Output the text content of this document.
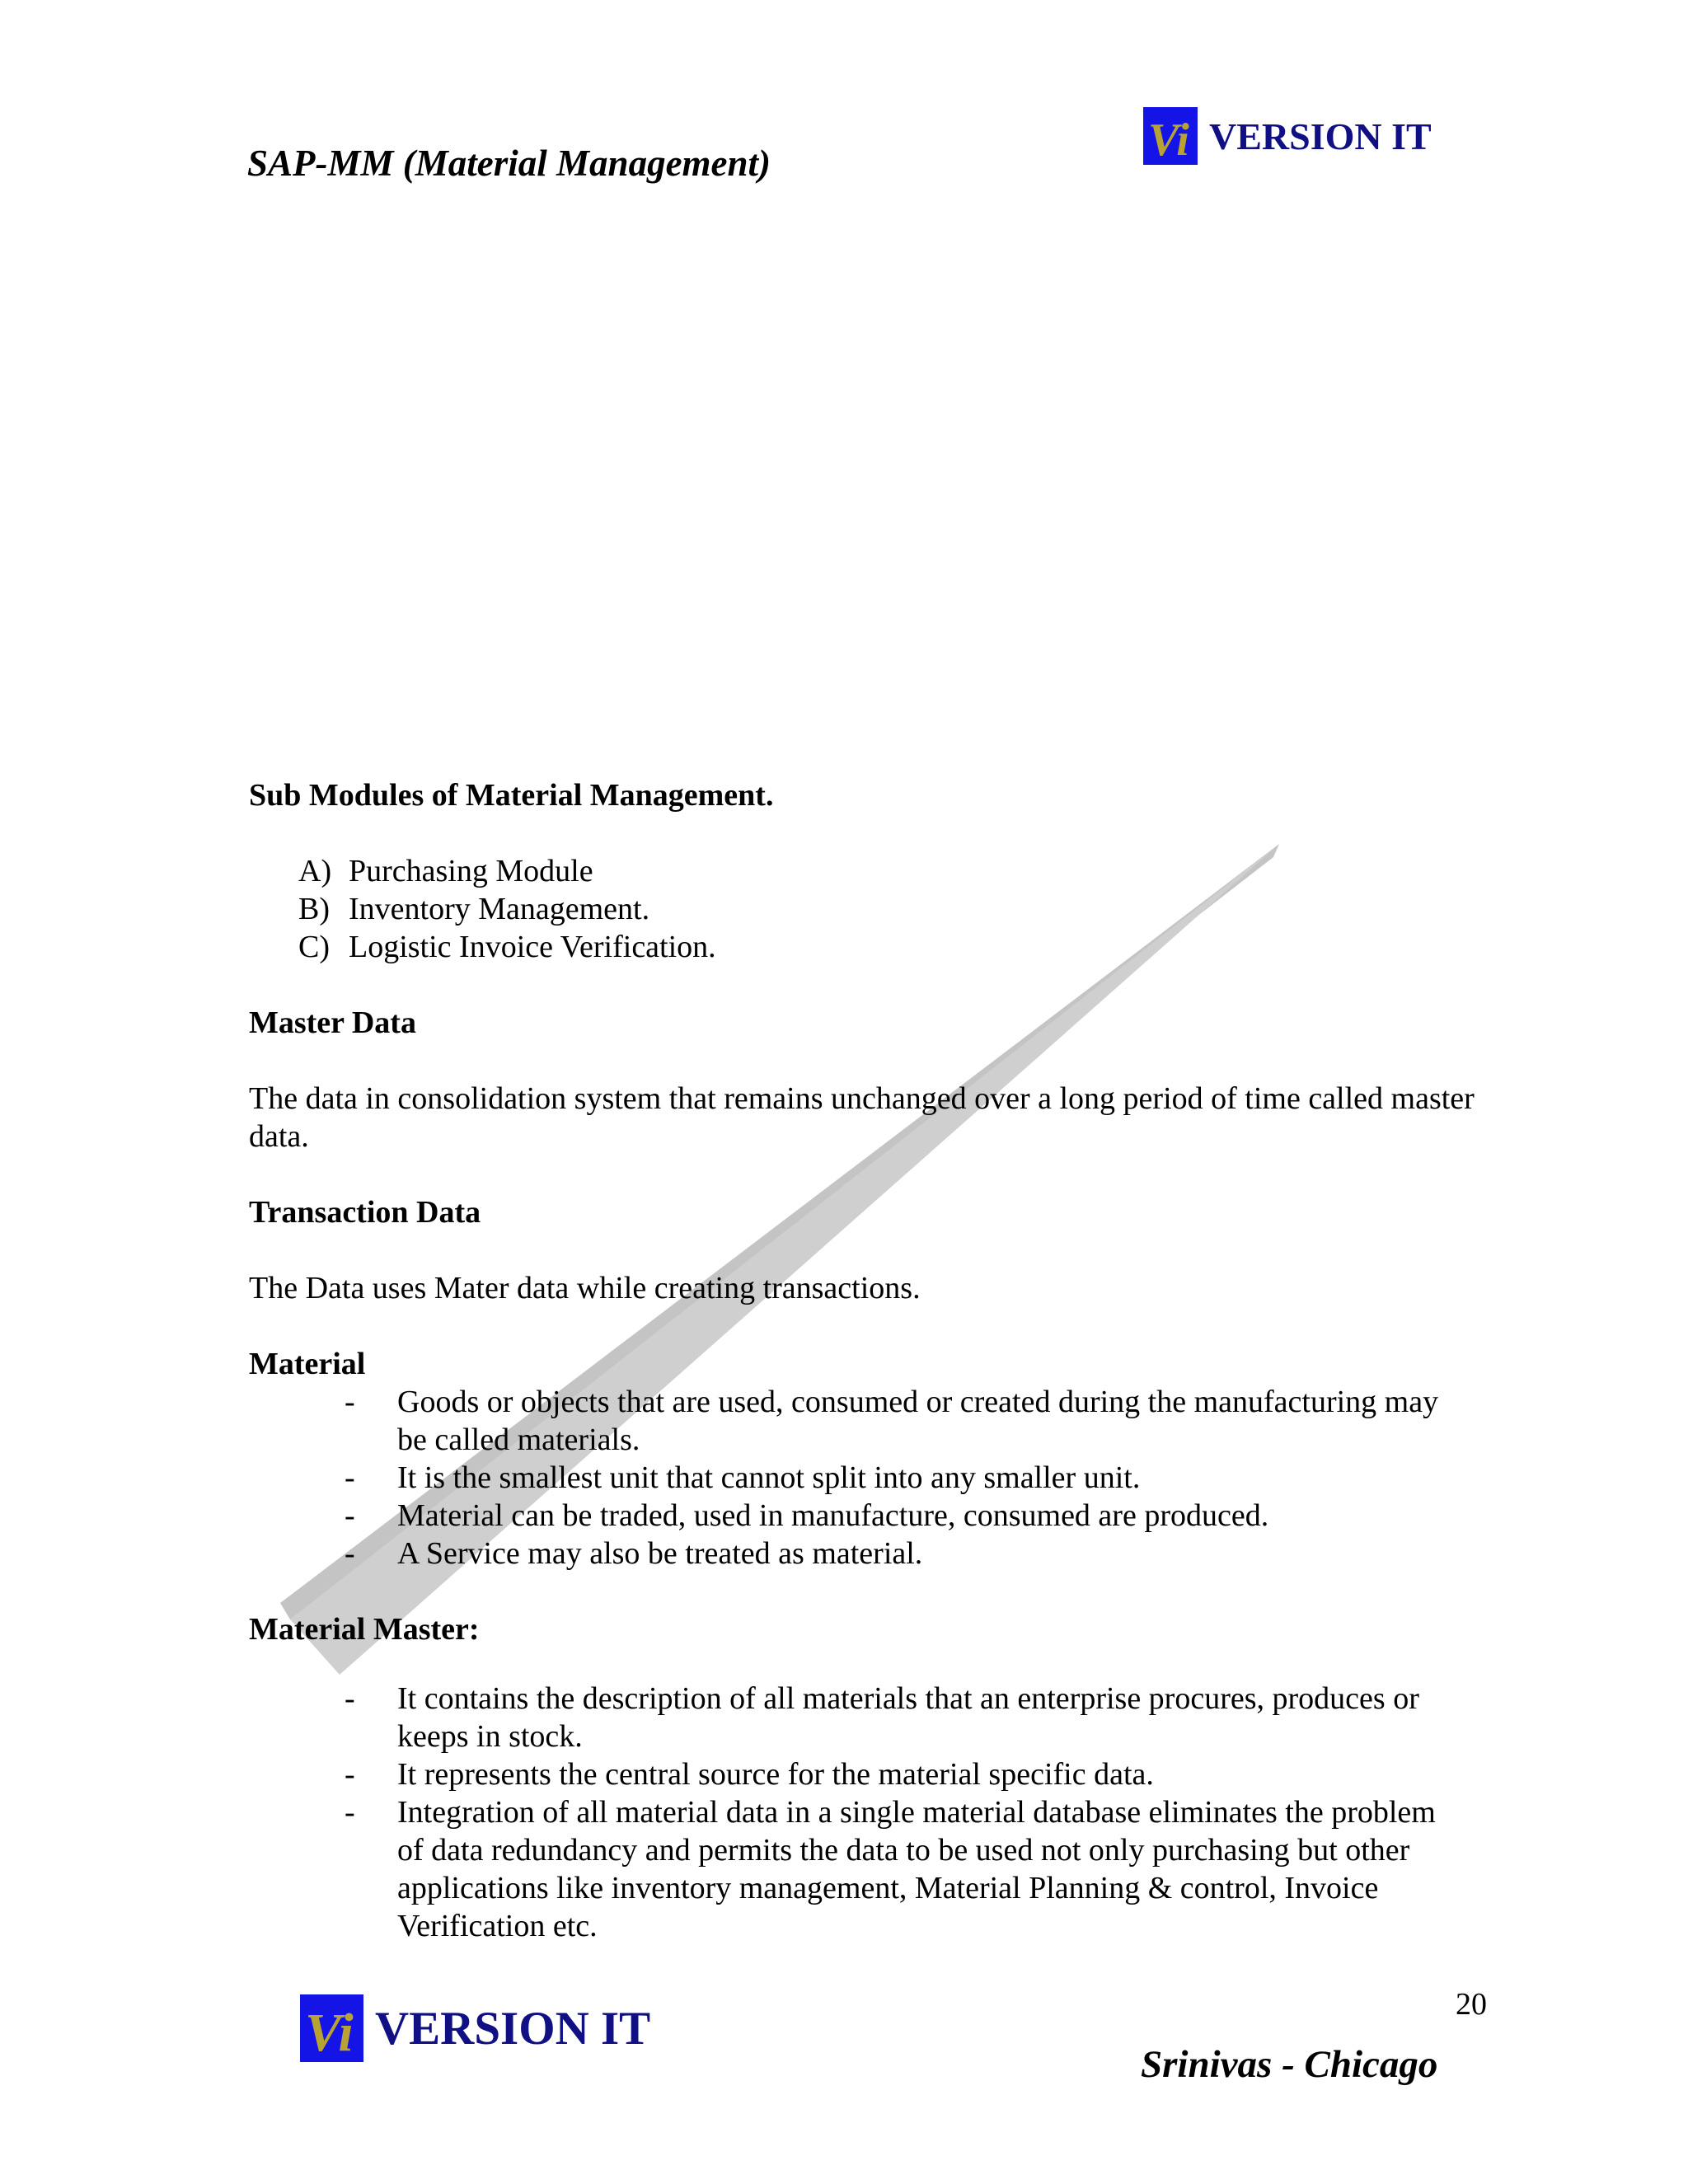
Vi VERSION IT
SAP-MM (Material Management)

Sub Modules of Material Management.

A) Purchasing Module
B) Inventory Management.
C) Logistic Invoice Verification.

Master Data

The data in consolidation system that remains unchanged over a long period of time called master data.

Transaction Data

The Data uses Mater data while creating transactions.

Material

-	Goods or objects that are used, consumed or created during the manufacturing may be called materials.
-	It is the smallest unit that cannot split into any smaller unit.
-	Material can be traded, used in manufacture, consumed are produced.
-	A Service may also be treated as material.

Material Master:

-	It contains the description of all materials that an enterprise procures, produces or keeps in stock.
-	It represents the central source for the material specific data.
-	Integration of all material data in a single material database eliminates the problem of data redundancy and permits the data to be used not only purchasing but other applications like inventory management, Material Planning & control, Invoice Verification etc.
20
Vi VERSION IT
Srinivas - Chicago
